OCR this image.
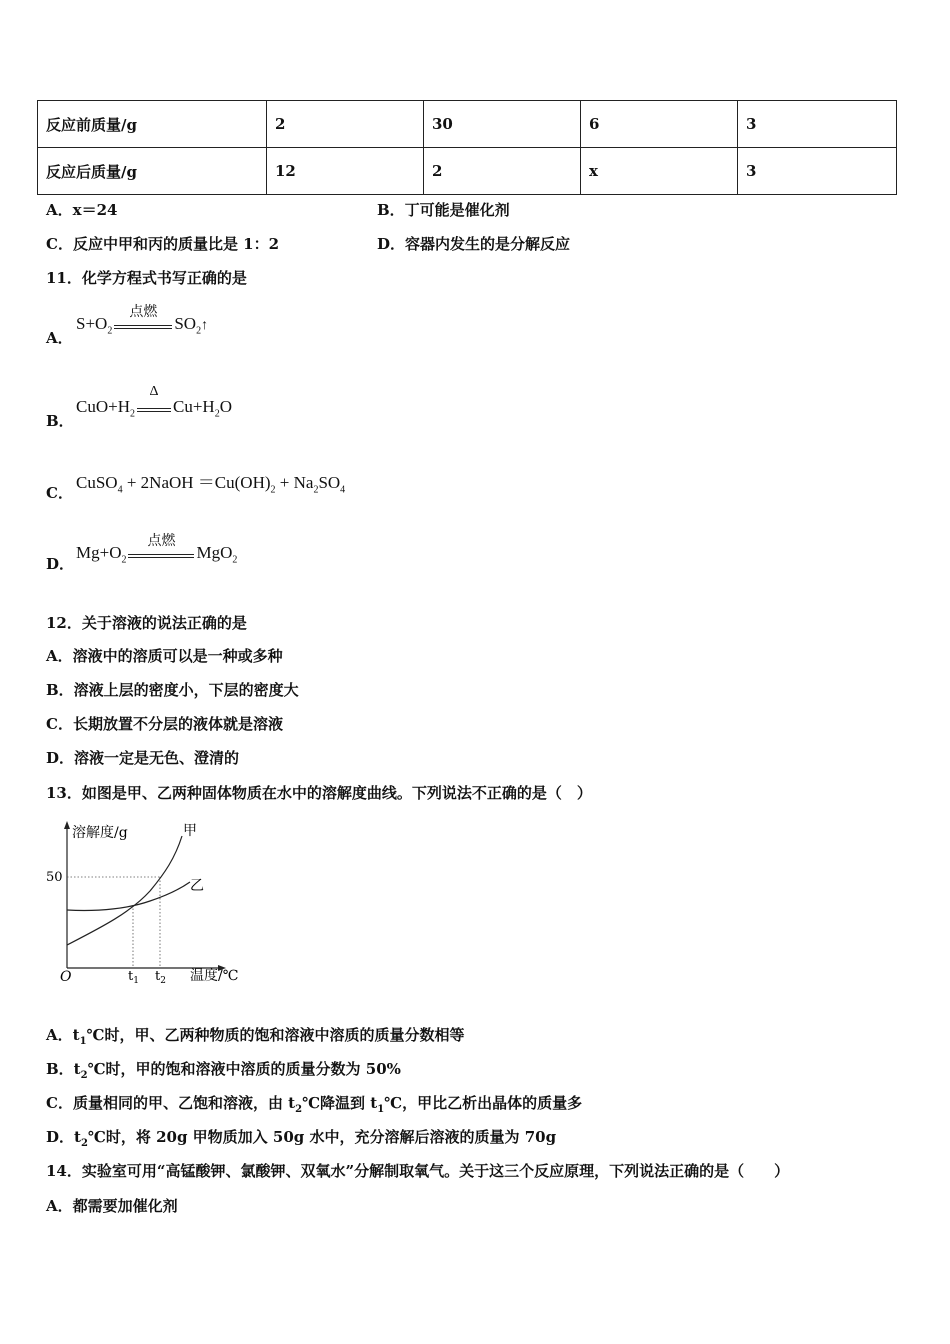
反应前质量/g	2	30	6	3
反应后质量/g	12	2	x	3
A．x＝24	B．丁可能是催化剂
C．反应中甲和丙的质量比是 1：2	D．容器内发生的是分解反应
11．化学方程式书写正确的是
A．
$S+O_2$
点燃
$SO_2↑$
B．
$CuO+H_2$
Δ
$Cu+H_2O$
C．
CuSO$_4$ + 2NaOH $=Cu(OH)_2 + Na_2SO_4$
D．
$Mg+O_2$
点燃
MgO$_2$
12．关于溶液的说法正确的是
A．溶液中的溶质可以是一种或多种
B．溶液上层的密度小，下层的密度大
C．长期放置不分层的液体就是溶液
D．溶液一定是无色、澄清的
13．如图是甲、乙两种固体物质在水中的溶解度曲线。下列说法不正确的是（　）
溶解度/g	甲
乙
50
O	$t_1$ $t_2$ 温度/℃
A．$t_1℃$时，甲、乙两种物质的饱和溶液中溶质的质量分数相等
B．$t_2℃$时，甲的饱和溶液中溶质的质量分数为 50%
C．质量相同的甲、乙饱和溶液，由 $t_2℃$降温到 $t_1℃$，甲比乙析出晶体的质量多
D．$t_2℃$时，将 20g 甲物质加入 50g 水中，充分溶解后溶液的质量为 70g
14．实验室可用“高锰酸钾、氯酸钾、双氧水”分解制取氧气。关于这三个反应原理，下列说法正确的是（　　）
A．都需要加催化剂
